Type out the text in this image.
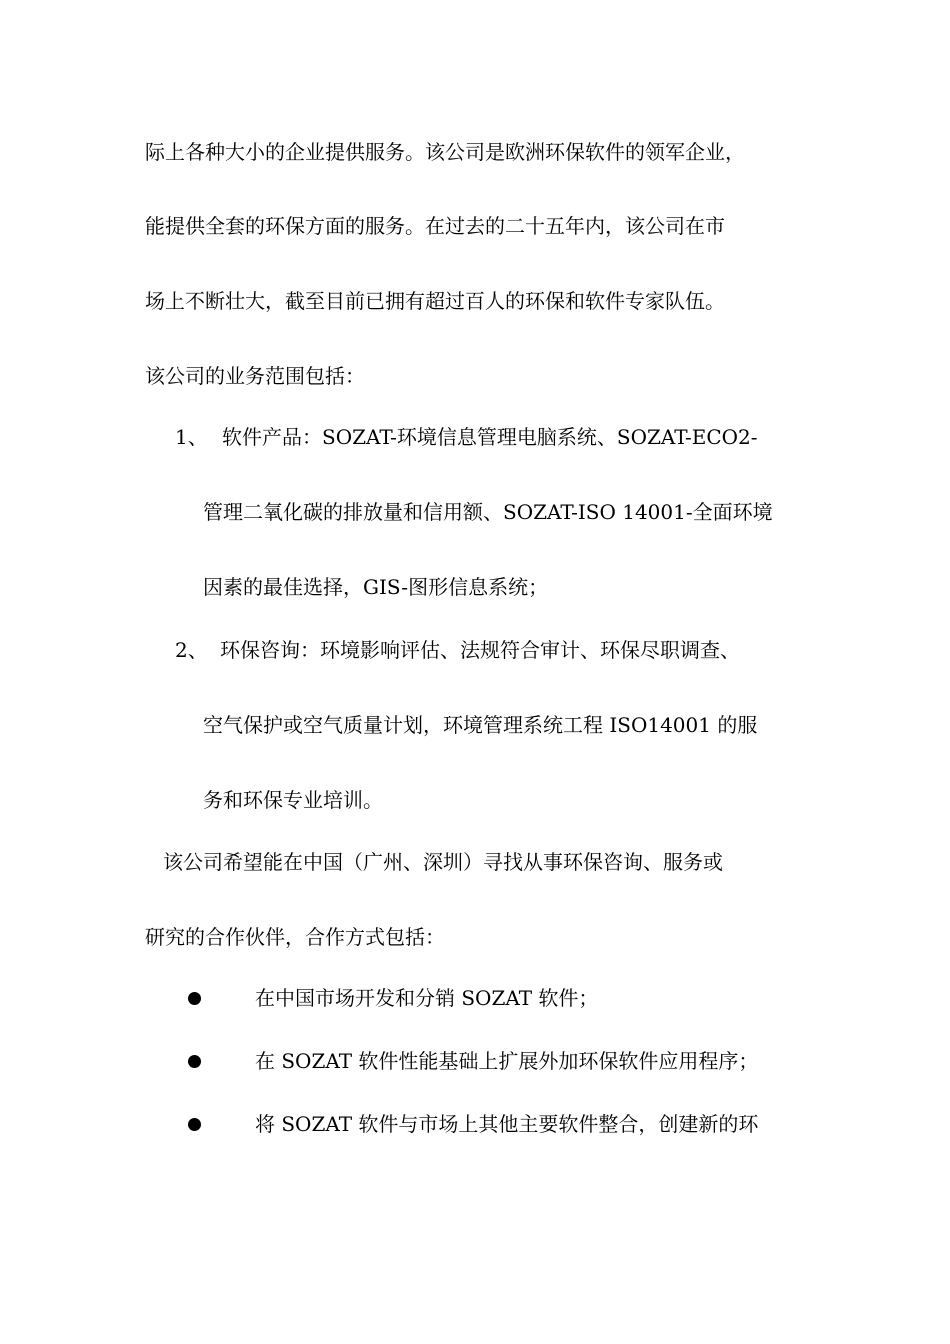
际上各种大小的企业提供服务。该公司是欧洲环保软件的领军企业，
能提供全套的环保方面的服务。在过去的二十五年内，该公司在市
场上不断壮大，截至目前已拥有超过百人的环保和软件专家队伍。
该公司的业务范围包括：
1、 软件产品：SOZAT-环境信息管理电脑系统、SOZAT-ECO2-
管理二氧化碳的排放量和信用额、SOZAT-ISO 14001-全面环境
因素的最佳选择，GIS-图形信息系统；
2、 环保咨询：环境影响评估、法规符合审计、环保尽职调查、
空气保护或空气质量计划，环境管理系统工程 ISO14001 的服
务和环保专业培训。
该公司希望能在中国（广州、深圳）寻找从事环保咨询、服务或
研究的合作伙伴，合作方式包括：
在中国市场开发和分销 SOZAT 软件；
在 SOZAT 软件性能基础上扩展外加环保软件应用程序；
将 SOZAT 软件与市场上其他主要软件整合，创建新的环
